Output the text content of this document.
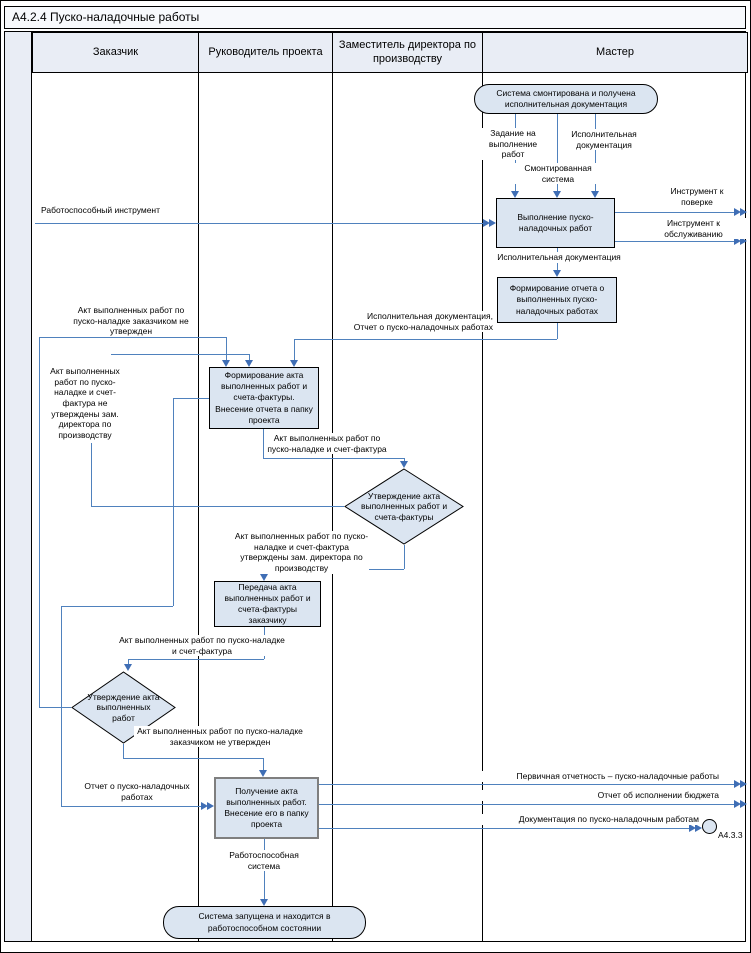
А4.2.4 Пуско-наладочные работы
Заказчик	Руководитель проекта
Заместитель директора по производству
Мастер
Система смонтирована и получена исполнительная документация
Выполнение пуско-наладочных работ
Формирование отчета о выполненных пуско-наладочных работах
Формирование акта выполненных работ и счета-фактуры. Внесение отчета в папку проекта
Утверждение акта выполненных работ и счета-фактуры
Передача акта выполненных работ и счета-фактуры заказчику
Утверждение акта выполненных работ
Получение акта выполненных работ. Внесение его в папку проекта
Система запущена и находится в работоспособном состоянии
Работоспособный инструмент
Задание на выполнение работ
Исполнительная документация
Смонтированная система
Инструмент к поверке
Инструмент к обслуживанию
Исполнительная документация
Исполнительная документация, Отчет о пуско-наладочных работах
Акт выполненных работ по пуско-наладке заказчиком не утвержден
Акт выполненных работ по пуско-наладке и счет-фактура не утверждены зам. директора по производству	Акт выполненных работ по пуско-наладке и счет-фактура
Акт выполненных работ по пуско-наладке и счет-фактура утверждены зам. директора по производству
Акт выполненных работ по пуско-наладке и счет-фактура
Акт выполненных работ по пуско-наладке заказчиком не утвержден
Отчет о пуско-наладочных работах
Первичная отчетность – пуско-наладочные работы
Отчет об исполнении бюджета
Документация по пуско-наладочным работам
Работоспособная система
А4.3.3
